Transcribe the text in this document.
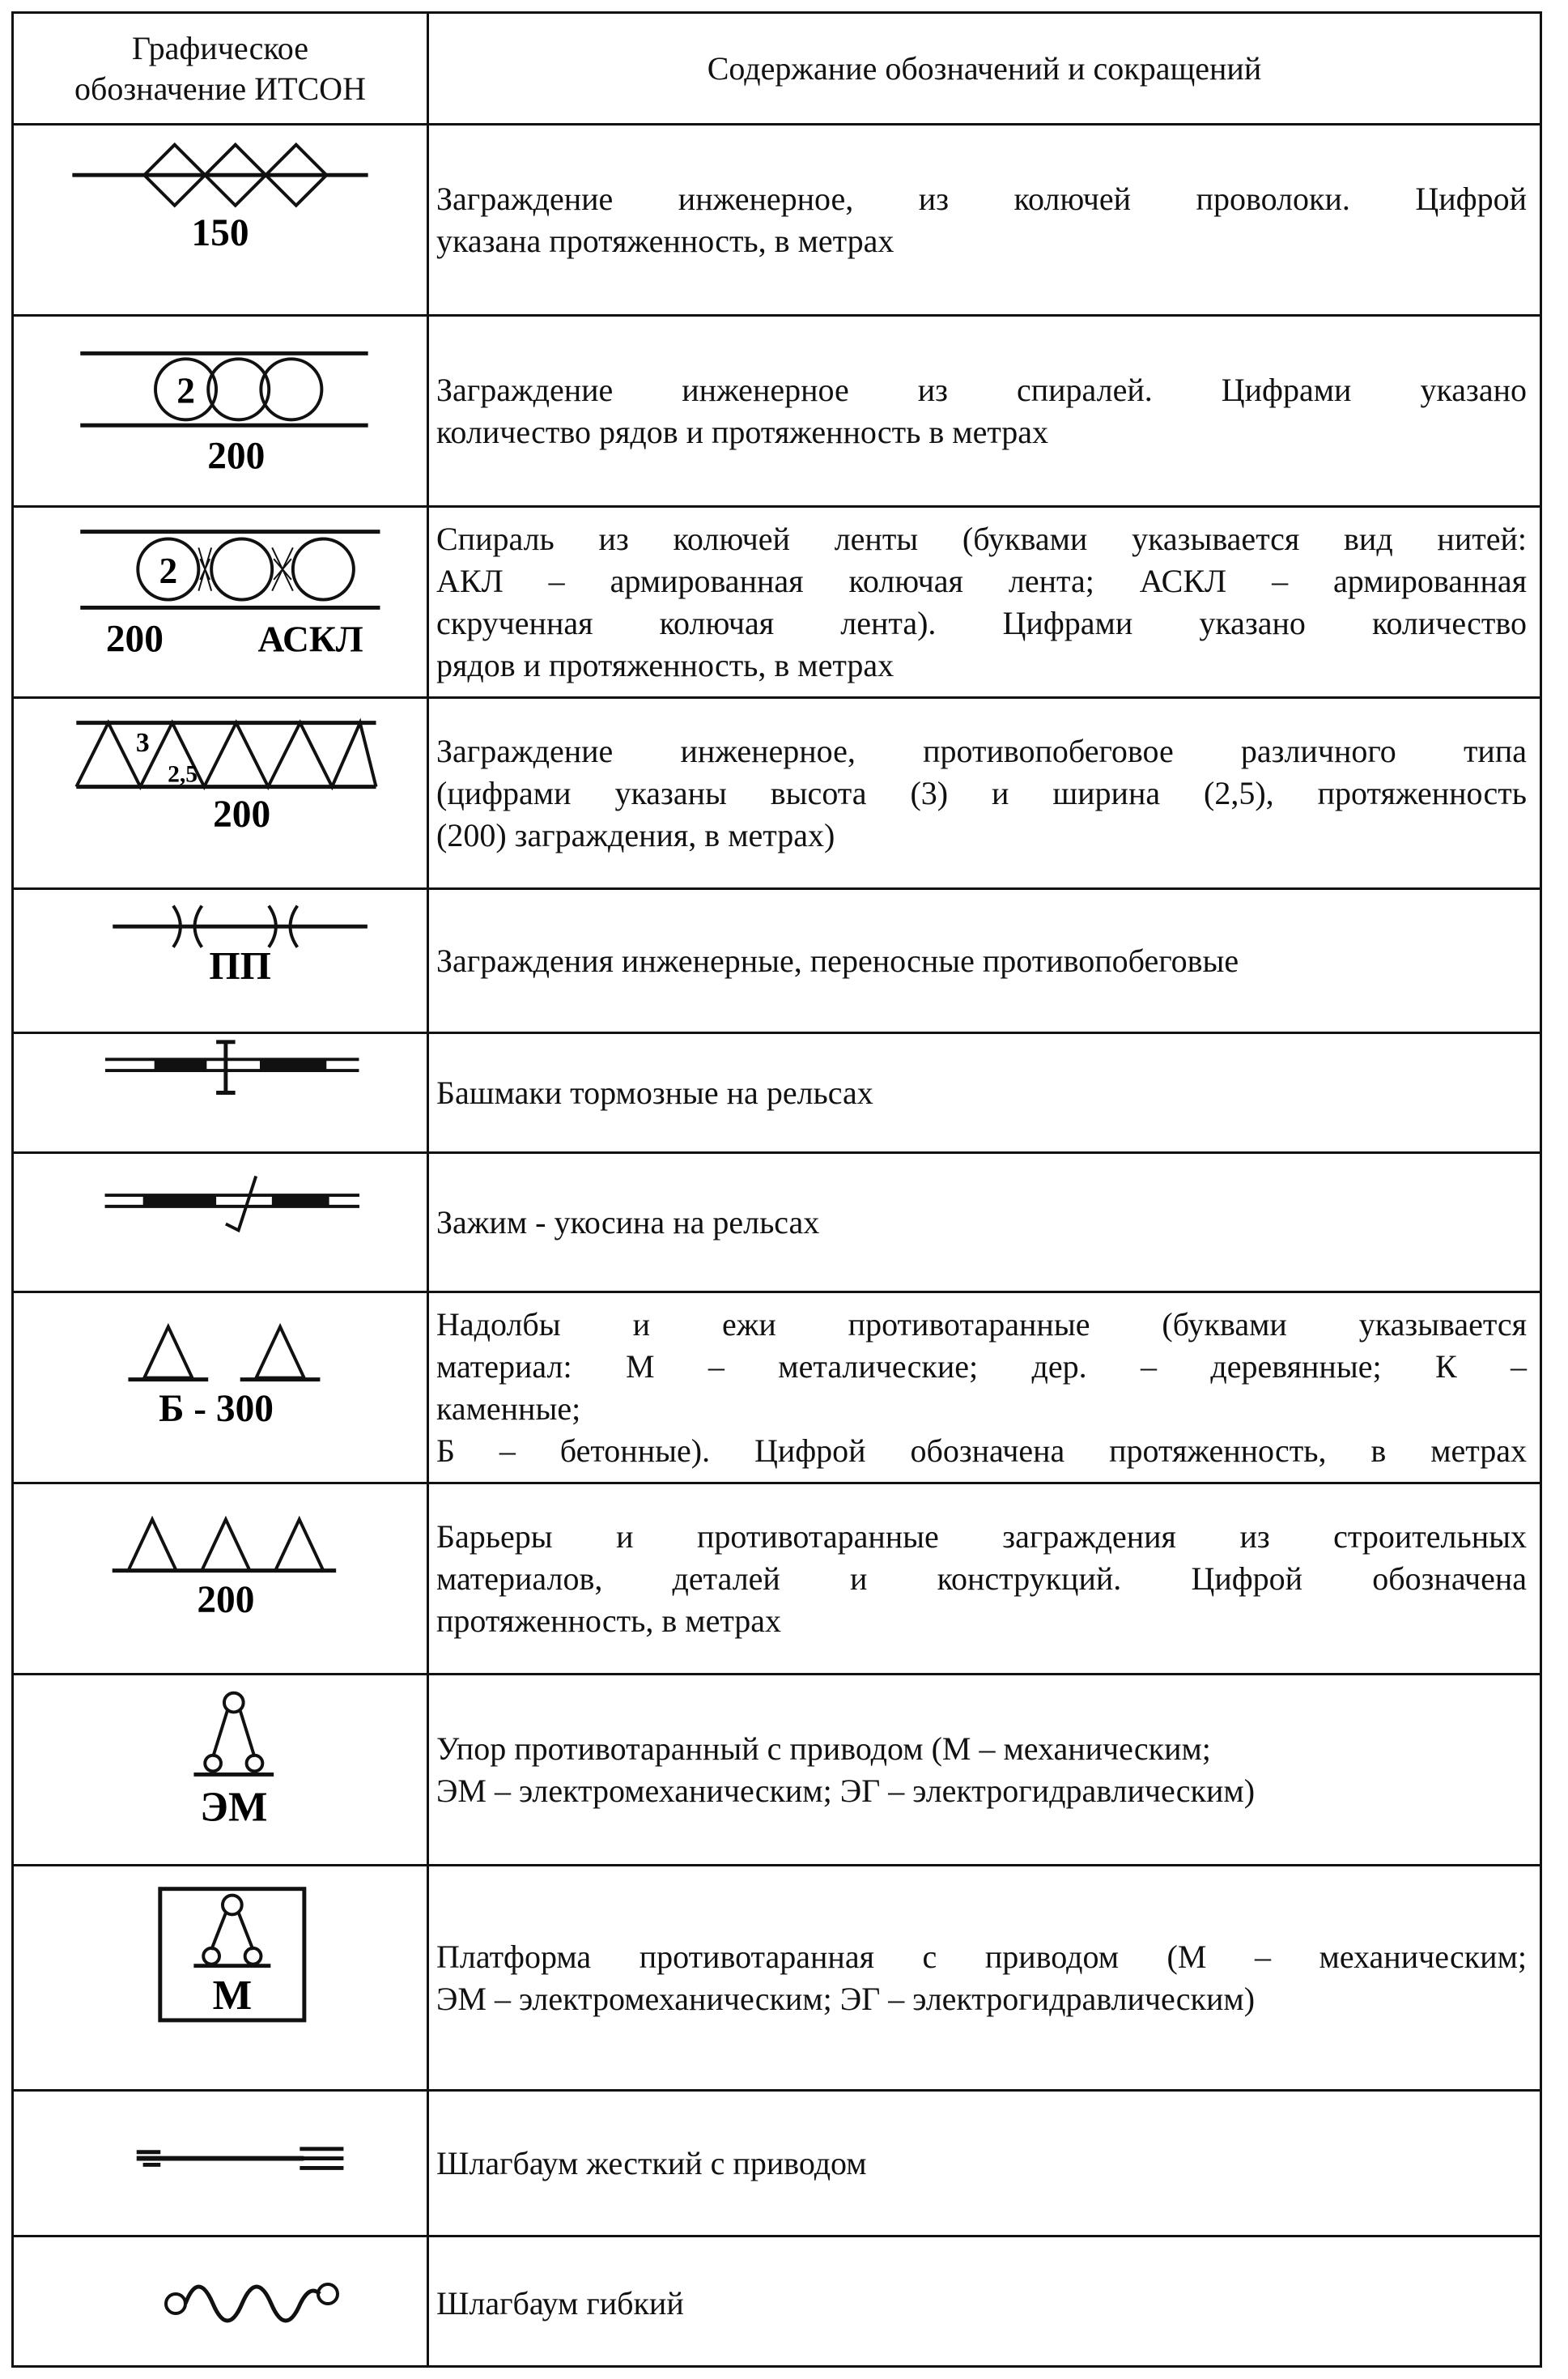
Графическое
обозначение ИТСОН
Содержание обозначений и сокращений
150
Заграждение инженерное, из колючей проволоки. Цифрой
указана протяженность, в метрах
2
200
Заграждение инженерное из спиралей. Цифрами указано
количество рядов и протяженность в метрах
2
200	АСКЛ
Спираль из колючей ленты (буквами указывается вид нитей:
АКЛ – армированная колючая лента; АСКЛ – армированная
скрученная колючая лента). Цифрами указано количество
рядов и протяженность, в метрах
3
2,5
200
Заграждение инженерное, противопобеговое различного типа
(цифрами указаны высота (3) и ширина (2,5), протяженность
(200) заграждения, в метрах)
ПП	Заграждения инженерные, переносные противопобеговые
Башмаки тормозные на рельсах
Зажим - укосина на рельсах
Б - 300
Надолбы и ежи противотаранные (буквами указывается
материал: М – металические; дер. – деревянные; К –
каменные;
Б – бетонные). Цифрой обозначена протяженность, в метрах
200
Барьеры и противотаранные заграждения из строительных
материалов, деталей и конструкций. Цифрой обозначена
протяженность, в метрах
ЭМ
Упор противотаранный с приводом (М – механическим;
ЭМ – электромеханическим; ЭГ – электрогидравлическим)
М
Платформа противотаранная с приводом (М – механическим;
ЭМ – электромеханическим; ЭГ – электрогидравлическим)
Шлагбаум жесткий с приводом
Шлагбаум гибкий
